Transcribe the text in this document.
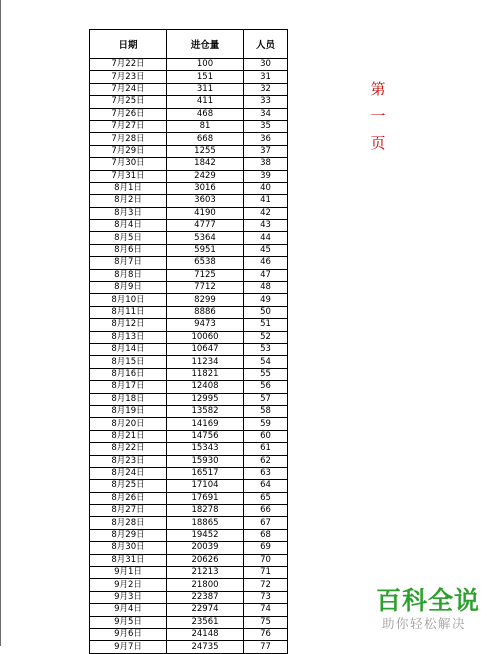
日期	进仓量	人员
7月22日	100	30
7月23日	151	31
7月24日	311	32
7月25日	411	33
7月26日	468	34
7月27日	81	35
7月28日	668	36
7月29日	1255	37
7月30日	1842	38
7月31日	2429	39
8月1日	3016	40
8月2日	3603	41
8月3日	4190	42
8月4日	4777	43
8月5日	5364	44
8月6日	5951	45
8月7日	6538	46
8月8日	7125	47
8月9日	7712	48
8月10日	8299	49
8月11日	8886	50
8月12日	9473	51
8月13日	10060	52
8月14日	10647	53
8月15日	11234	54
8月16日	11821	55
8月17日	12408	56
8月18日	12995	57
8月19日	13582	58
8月20日	14169	59
8月21日	14756	60
8月22日	15343	61
8月23日	15930	62
8月24日	16517	63
8月25日	17104	64
8月26日	17691	65
8月27日	18278	66
8月28日	18865	67
8月29日	19452	68
8月30日	20039	69
8月31日	20626	70
9月1日	21213	71
9月2日	21800	72
9月3日	22387	73
9月4日	22974	74
9月5日	23561	75
9月6日	24148	76
9月7日	24735	77
第
一
页
百科全说
助你轻松解决
